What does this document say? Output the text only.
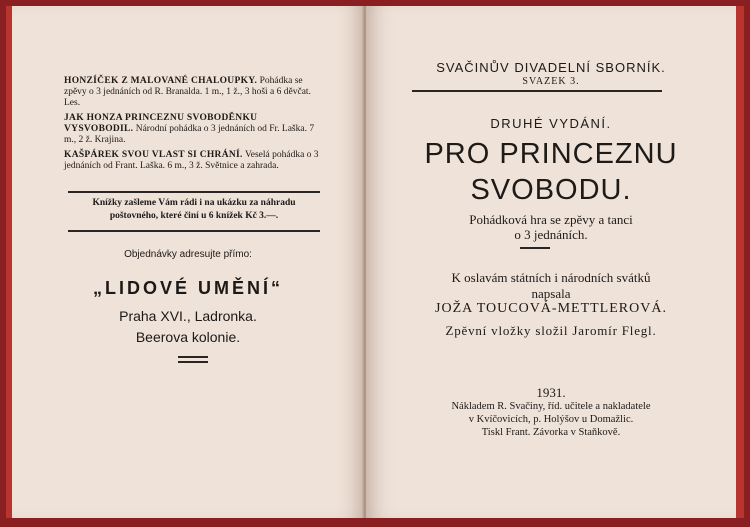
HONZÍČEK Z MALOVANÉ CHALOUPKY. Pohádka se zpěvy o 3 jednáních od R. Branalda. 1 m., 1 ž., 3 hoši a 6 děvčat. Les.
JAK HONZA PRINCEZNU SVOBODĚNKU VYSVOBODIL. Národní pohádka o 3 jednáních od Fr. Laška. 7 m., 2 ž. Krajina.
KAŠPÁREK SVOU VLAST SI CHRÁNÍ. Veselá pohádka o 3 jednáních od Frant. Laška. 6 m., 3 ž. Světnice a zahrada.
Knížky zašleme Vám rádi i na ukázku za náhradu poštovného, které činí u 6 knížek Kč 3.—.
Objednávky adresujte přímo:
„LIDOVÉ UMĚNÍ“
Praha XVI., Ladronka.
Beerova kolonie.
SVAČINŮV DIVADELNÍ SBORNÍK.
SVAZEK 3.
DRUHÉ VYDÁNÍ.
PRO PRINCEZNU
SVOBODU.
Pohádková hra se zpěvy a tanci
o 3 jednáních.
K oslavám státních i národních svátků
napsala
JOŽA TOUCOVÁ-METTLEROVÁ.
Zpěvní vložky složil Jaromír Flegl.
1931.
Nákladem R. Svačiny, říd. učitele a nakladatele
v Kvíčovicích, p. Holýšov u Domažlic.
Tiskl Frant. Závorka v Staňkově.
